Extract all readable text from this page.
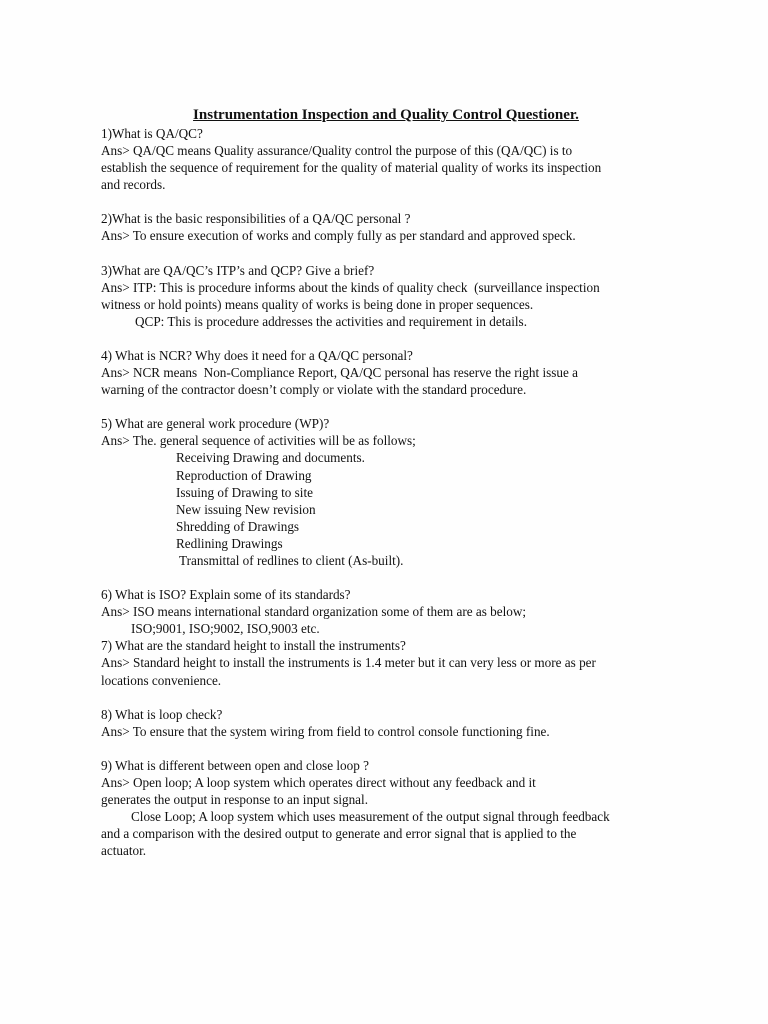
Instrumentation Inspection and Quality Control Questioner.
1)What is QA/QC?
Ans> QA/QC means Quality assurance/Quality control the purpose of this (QA/QC) is to
establish the sequence of requirement for the quality of material quality of works its inspection
and records.
2)What is the basic responsibilities of a QA/QC personal ?
Ans> To ensure execution of works and comply fully as per standard and approved speck.
3)What are QA/QC’s ITP’s and QCP? Give a brief?
Ans> ITP: This is procedure informs about the kinds of quality check  (surveillance inspection
witness or hold points) means quality of works is being done in proper sequences.
QCP: This is procedure addresses the activities and requirement in details.
4) What is NCR? Why does it need for a QA/QC personal?
Ans> NCR means  Non-Compliance Report, QA/QC personal has reserve the right issue a
warning of the contractor doesn’t comply or violate with the standard procedure.
5) What are general work procedure (WP)?
Ans> The. general sequence of activities will be as follows;
Receiving Drawing and documents.
Reproduction of Drawing
Issuing of Drawing to site
New issuing New revision
Shredding of Drawings
Redlining Drawings
Transmittal of redlines to client (As-built).
6) What is ISO? Explain some of its standards?
Ans> ISO means international standard organization some of them are as below;
ISO;9001, ISO;9002, ISO,9003 etc.
7) What are the standard height to install the instruments?
Ans> Standard height to install the instruments is 1.4 meter but it can very less or more as per
locations convenience.
8) What is loop check?
Ans> To ensure that the system wiring from field to control console functioning fine.
9) What is different between open and close loop ?
Ans> Open loop; A loop system which operates direct without any feedback and it
generates the output in response to an input signal.
Close Loop; A loop system which uses measurement of the output signal through feedback
and a comparison with the desired output to generate and error signal that is applied to the
actuator.
